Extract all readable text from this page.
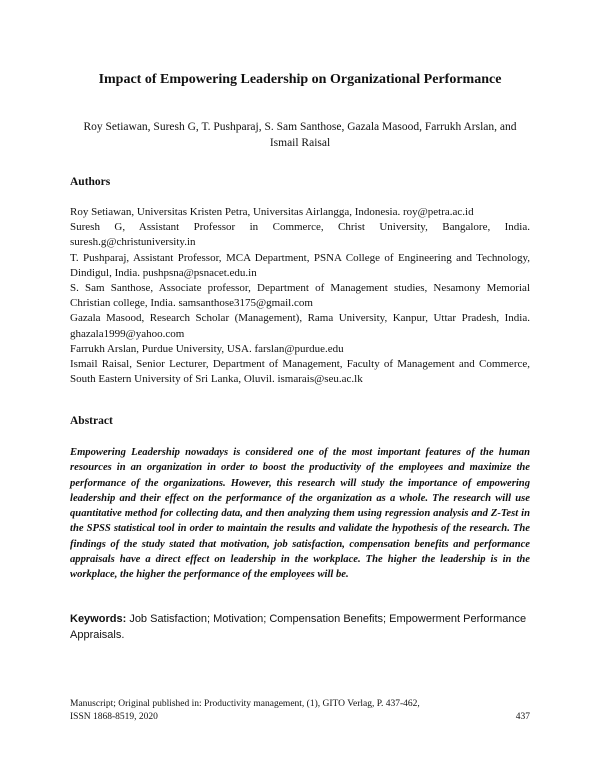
Impact of Empowering Leadership on Organizational Performance
Roy Setiawan, Suresh G, T. Pushparaj, S. Sam Santhose, Gazala Masood, Farrukh Arslan, and
Ismail Raisal
Authors

Roy Setiawan, Universitas Kristen Petra, Universitas Airlangga, Indonesia. roy@petra.ac.id

Suresh G, Assistant Professor in Commerce, Christ University, Bangalore, India. suresh.g@christuniversity.in

T. Pushparaj, Assistant Professor, MCA Department, PSNA College of Engineering and Technology, Dindigul, India. pushpsna@psnacet.edu.in

S. Sam Santhose, Associate professor, Department of Management studies, Nesamony Memorial Christian college, India. samsanthose3175@gmail.com

Gazala Masood, Research Scholar (Management), Rama University, Kanpur, Uttar Pradesh, India. ghazala1999@yahoo.com

Farrukh Arslan, Purdue University, USA. farslan@purdue.edu

Ismail Raisal, Senior Lecturer, Department of Management, Faculty of Management and Commerce, South Eastern University of Sri Lanka, Oluvil. ismarais@seu.ac.lk

Abstract

Empowering Leadership nowadays is considered one of the most important features of the human resources in an organization in order to boost the productivity of the employees and maximize the performance of the organizations. However, this research will study the importance of empowering leadership and their effect on the performance of the organization as a whole. The research will use quantitative method for collecting data, and then analyzing them using regression analysis and Z-Test in the SPSS statistical tool in order to maintain the results and validate the hypothesis of the research. The findings of the study stated that motivation, job satisfaction, compensation benefits and performance appraisals have a direct effect on leadership in the workplace. The higher the leadership is in the workplace, the higher the performance of the employees will be.

Keywords: Job Satisfaction; Motivation; Compensation Benefits; Empowerment Performance Appraisals.

Manuscript; Original published in: Productivity management, (1), GITO Verlag, P. 437-462,
ISSN 1868-8519, 2020	437
